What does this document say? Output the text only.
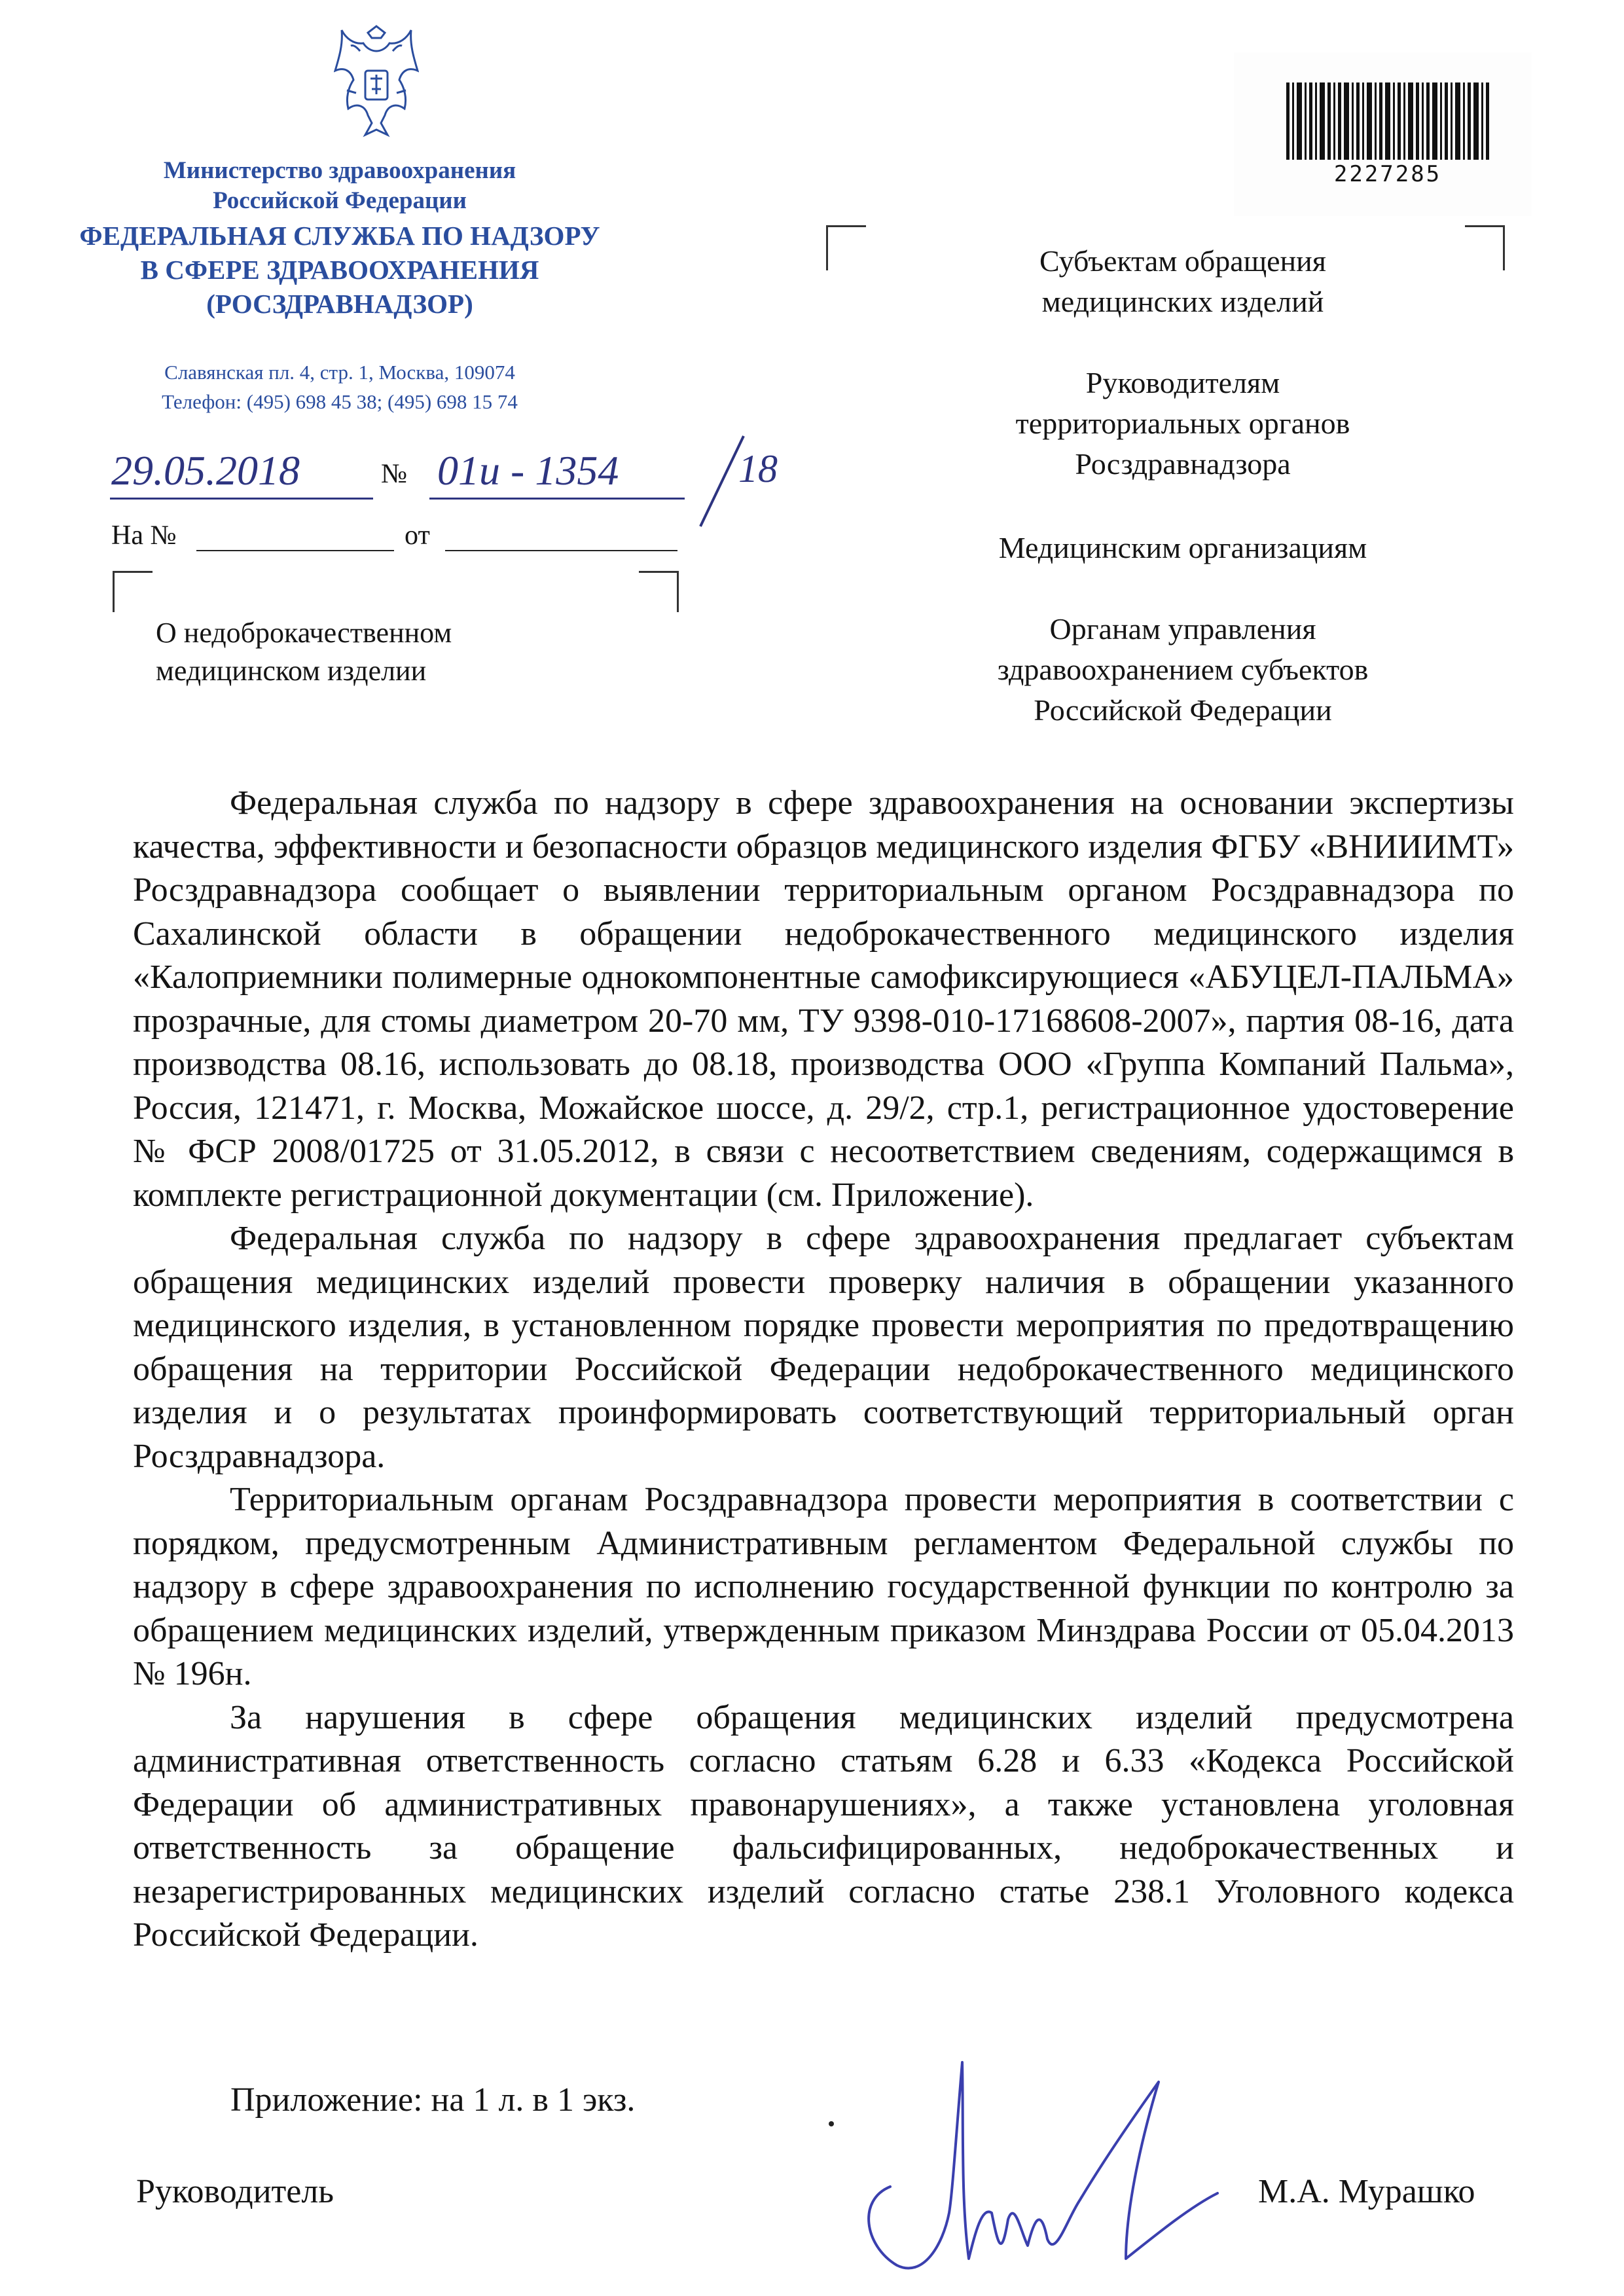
Министерство здравоохранения
Российской Федерации
ФЕДЕРАЛЬНАЯ СЛУЖБА ПО НАДЗОРУ
В СФЕРЕ ЗДРАВООХРАНЕНИЯ
(РОСЗДРАВНАДЗОР)
Славянская пл. 4, стр. 1, Москва, 109074
Телефон: (495) 698 45 38; (495) 698 15 74
2227285
29.05.2018	№ 01и - 1354	18
На №	от
О недоброкачественном
медицинском изделии
Субъектам обращения
медицинских изделий
Руководителям
территориальных органов
Росздравнадзора
Медицинским организациям
Органам управления
здравоохранением субъектов
Российской Федерации

Федеральная служба по надзору в сфере здравоохранения на основании экспертизы качества, эффективности и безопасности образцов медицинского изделия ФГБУ «ВНИИИМТ» Росздравнадзора сообщает о выявлении территориальным органом Росздравнадзора по Сахалинской области в обращении недоброкачественного медицинского изделия «Калоприемники полимерные однокомпонентные самофиксирующиеся «АБУЦЕЛ-ПАЛЬМА» прозрачные, для стомы диаметром 20-70 мм, ТУ 9398-010-17168608-2007», партия 08-16, дата производства 08.16, использовать до 08.18, производства ООО «Группа Компаний Пальма», Россия, 121471, г. Москва, Можайское шоссе, д. 29/2, стр.1, регистрационное удостоверение № ФСР 2008/01725 от 31.05.2012, в связи с несоответствием сведениям, содержащимся в комплекте регистрационной документации (см. Приложение).

Федеральная служба по надзору в сфере здравоохранения предлагает субъектам обращения медицинских изделий провести проверку наличия в обращении указанного медицинского изделия, в установленном порядке провести мероприятия по предотвращению обращения на территории Российской Федерации недоброкачественного медицинского изделия и о результатах проинформировать соответствующий территориальный орган Росздравнадзора.

Территориальным органам Росздравнадзора провести мероприятия в соответствии с порядком, предусмотренным Административным регламентом Федеральной службы по надзору в сфере здравоохранения по исполнению государственной функции по контролю за обращением медицинских изделий, утвержденным приказом Минздрава России от 05.04.2013 № 196н.

За нарушения в сфере обращения медицинских изделий предусмотрена административная ответственность согласно статьям 6.28 и 6.33 «Кодекса Российской Федерации об административных правонарушениях», а также установлена уголовная ответственность за обращение фальсифицированных, недоброкачественных и незарегистрированных медицинских изделий согласно статье 238.1 Уголовного кодекса Российской Федерации.

Приложение: на 1 л. в 1 экз.
Руководитель	М.А. Мурашко
